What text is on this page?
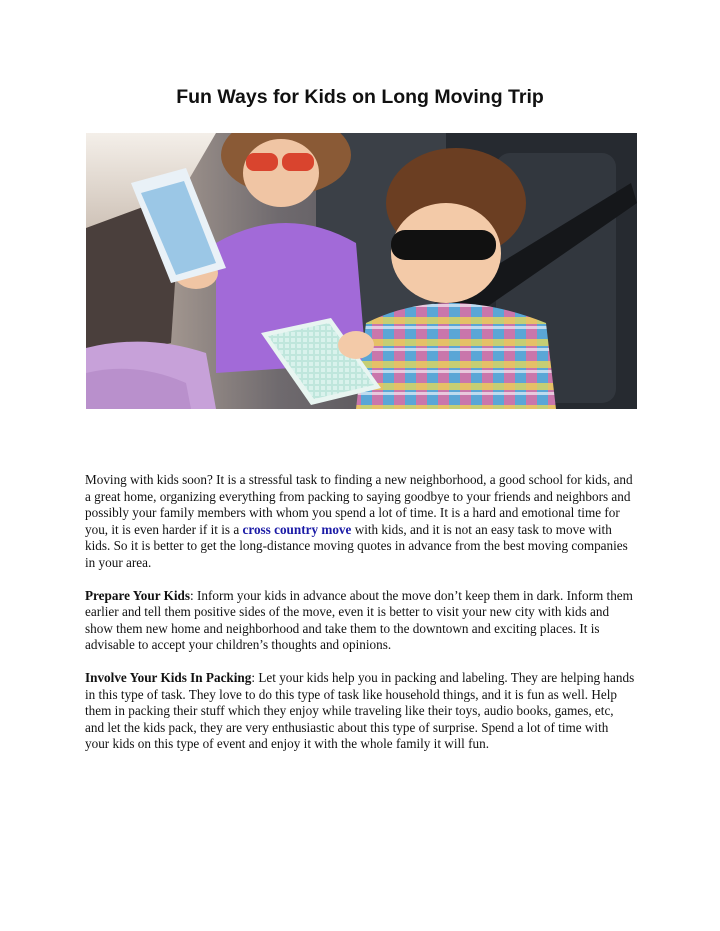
Fun Ways for Kids on Long Moving Trip

Moving with kids soon? It is a stressful task to finding a new neighborhood, a good school for kids, and a great home, organizing everything from packing to saying goodbye to your friends and neighbors and possibly your family members with whom you spend a lot of time. It is a hard and emotional time for you, it is even harder if it is a cross country move with kids, and it is not an easy task to move with kids. So it is better to get the long-distance moving quotes in advance from the best moving companies in your area.

Prepare Your Kids: Inform your kids in advance about the move don’t keep them in dark. Inform them earlier and tell them positive sides of the move, even it is better to visit your new city with kids and show them new home and neighborhood and take them to the downtown and exciting places. It is advisable to accept your children’s thoughts and opinions.

Involve Your Kids In Packing: Let your kids help you in packing and labeling. They are helping hands in this type of task. They love to do this type of task like household things, and it is fun as well. Help them in packing their stuff which they enjoy while traveling like their toys, audio books, games, etc, and let the kids pack, they are very enthusiastic about this type of surprise. Spend a lot of time with your kids on this type of event and enjoy it with the whole family it will fun.
